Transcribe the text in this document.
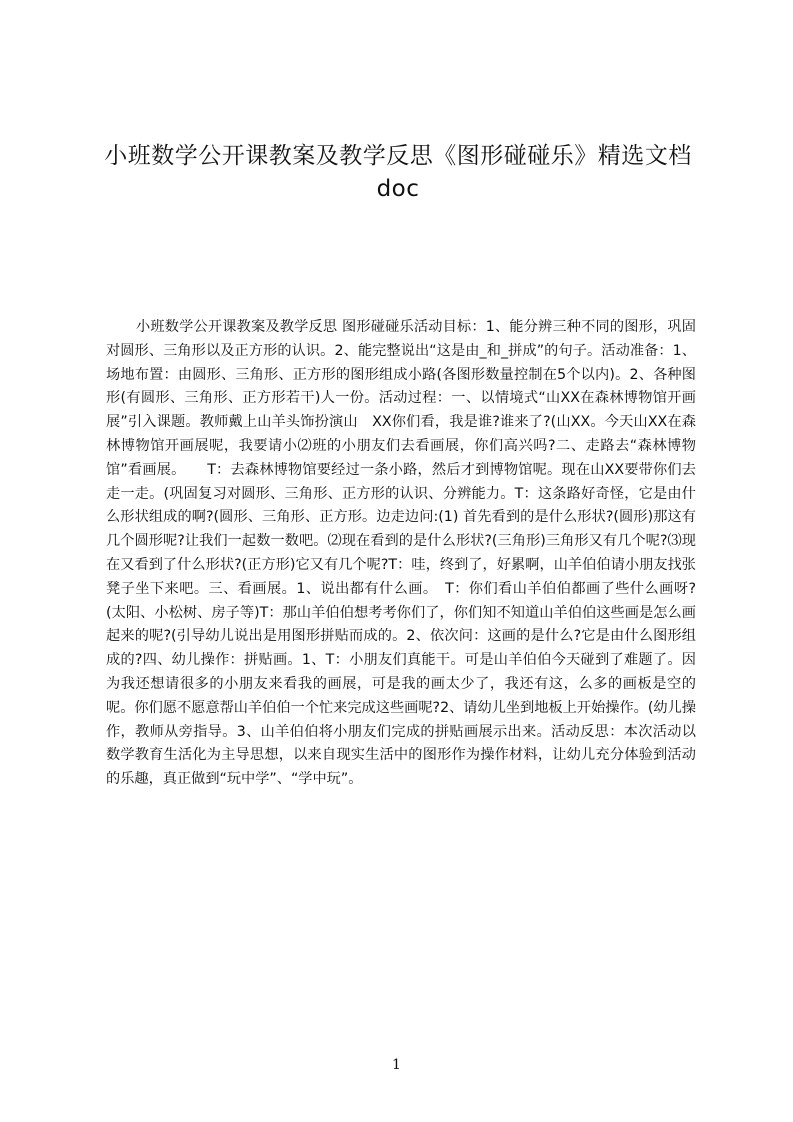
小班数学公开课教案及教学反思《图形碰碰乐》精选文档
doc

小班数学公开课教案及教学反思 图形碰碰乐活动目标：1、能分辨三种不同的图形，巩固对圆形、三角形以及正方形的认识。2、能完整说出“这是由_和_拼成”的句子。活动准备：1、场地布置：由圆形、三角形、正方形的图形组成小路(各图形数量控制在5个以内)。2、各种图形(有圆形、三角形、正方形若干)人一份。活动过程：一、以情境式“山XX在森林博物馆开画展”引入课题。教师戴上山羊头饰扮演山　XX你们看，我是谁?谁来了?(山XX。今天山XX在森林博物馆开画展呢，我要请小⑵班的小朋友们去看画展，你们高兴吗?二、走路去“森林博物馆”看画展。　　T：去森林博物馆要经过一条小路，然后才到博物馆呢。现在山XX要带你们去走一走。(巩固复习对圆形、三角形、正方形的认识、分辨能力。T：这条路好奇怪，它是由什么形状组成的啊?(圆形、三角形、正方形。边走边问:(1) 首先看到的是什么形状?(圆形)那这有几个圆形呢?让我们一起数一数吧。⑵现在看到的是什么形状?(三角形)三角形又有几个呢?⑶现在又看到了什么形状?(正方形)它又有几个呢?T：哇，终到了，好累啊，山羊伯伯请小朋友找张凳子坐下来吧。三、看画展。1、说出都有什么画。　T：你们看山羊伯伯都画了些什么画呀?(太阳、小松树、房子等)T：那山羊伯伯想考考你们了，你们知不知道山羊伯伯这些画是怎么画起来的呢?(引导幼儿说出是用图形拼贴而成的。2、依次问：这画的是什么?它是由什么图形组成的?四、幼儿操作：拼贴画。1、T：小朋友们真能干。可是山羊伯伯今天碰到了难题了。因为我还想请很多的小朋友来看我的画展，可是我的画太少了，我还有这，么多的画板是空的呢。你们愿不愿意帮山羊伯伯一个忙来完成这些画呢?2、请幼儿坐到地板上开始操作。(幼儿操作，教师从旁指导。3、山羊伯伯将小朋友们完成的拼贴画展示出来。活动反思：本次活动以数学教育生活化为主导思想，以来自现实生活中的图形作为操作材料，让幼儿充分体验到活动的乐趣，真正做到“玩中学”、“学中玩”。

1
